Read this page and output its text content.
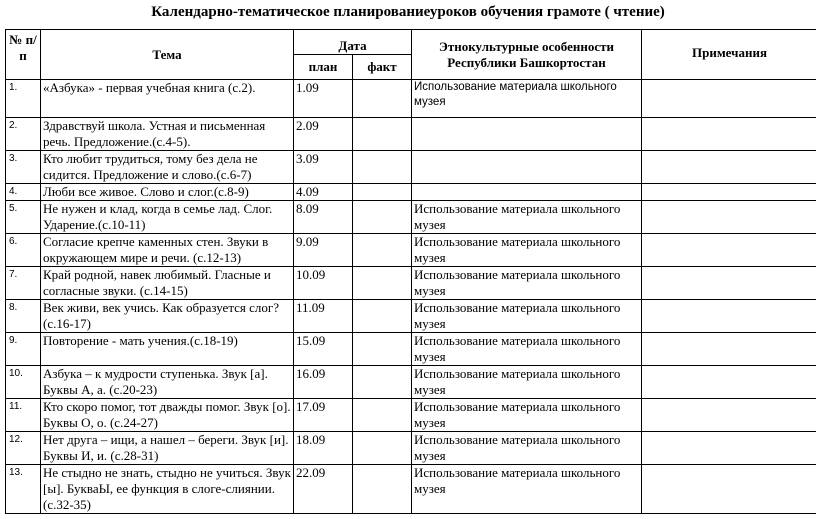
Календарно-тематическое планированиеуроков обучения грамоте ( чтение)
№ п/п	Тема	Дата		Этнокультурные особенности Республики Башкортостан	Примечания
		план	факт		
1.	«Азбука» - первая учебная книга (с.2).	1.09		Использование материала школьного музея	
2.	Здравствуй школа. Устная и письменная речь. Предложение.(с.4-5).	2.09			
3.	Кто любит трудиться, тому без дела не сидится. Предложение и слово.(с.6-7)	3.09			
4.	Люби все живое. Слово и слог.(с.8-9)	4.09			
5.	Не нужен и клад, когда в семье лад. Слог. Ударение.(с.10-11)	8.09		Использование материала школьного музея	
6.	Согласие крепче каменных стен. Звуки в окружающем мире и речи. (с.12-13)	9.09		Использование материала школьного музея	
7.	Край родной, навек любимый. Гласные и согласные звуки. (с.14-15)	10.09		Использование материала школьного музея	
8.	Век живи, век учись. Как образуется слог? (с.16-17)	11.09		Использование материала школьного музея	
9.	Повторение - мать учения.(с.18-19)	15.09		Использование материала школьного музея	
10.	Азбука – к мудрости ступенька. Звук [а]. Буквы А, а. (с.20-23)	16.09		Использование материала школьного музея	
11.	Кто скоро помог, тот дважды помог. Звук [о]. Буквы О, о. (с.24-27)	17.09		Использование материала школьного музея	
12.	Нет друга – ищи, а нашел – береги. Звук [и]. Буквы И, и. (с.28-31)	18.09		Использование материала школьного музея	
13.	Не стыдно не знать, стыдно не учиться. Звук [ы]. БукваЫ, ее функция в слоге-слиянии. (с.32-35)	22.09		Использование материала школьного музея	
